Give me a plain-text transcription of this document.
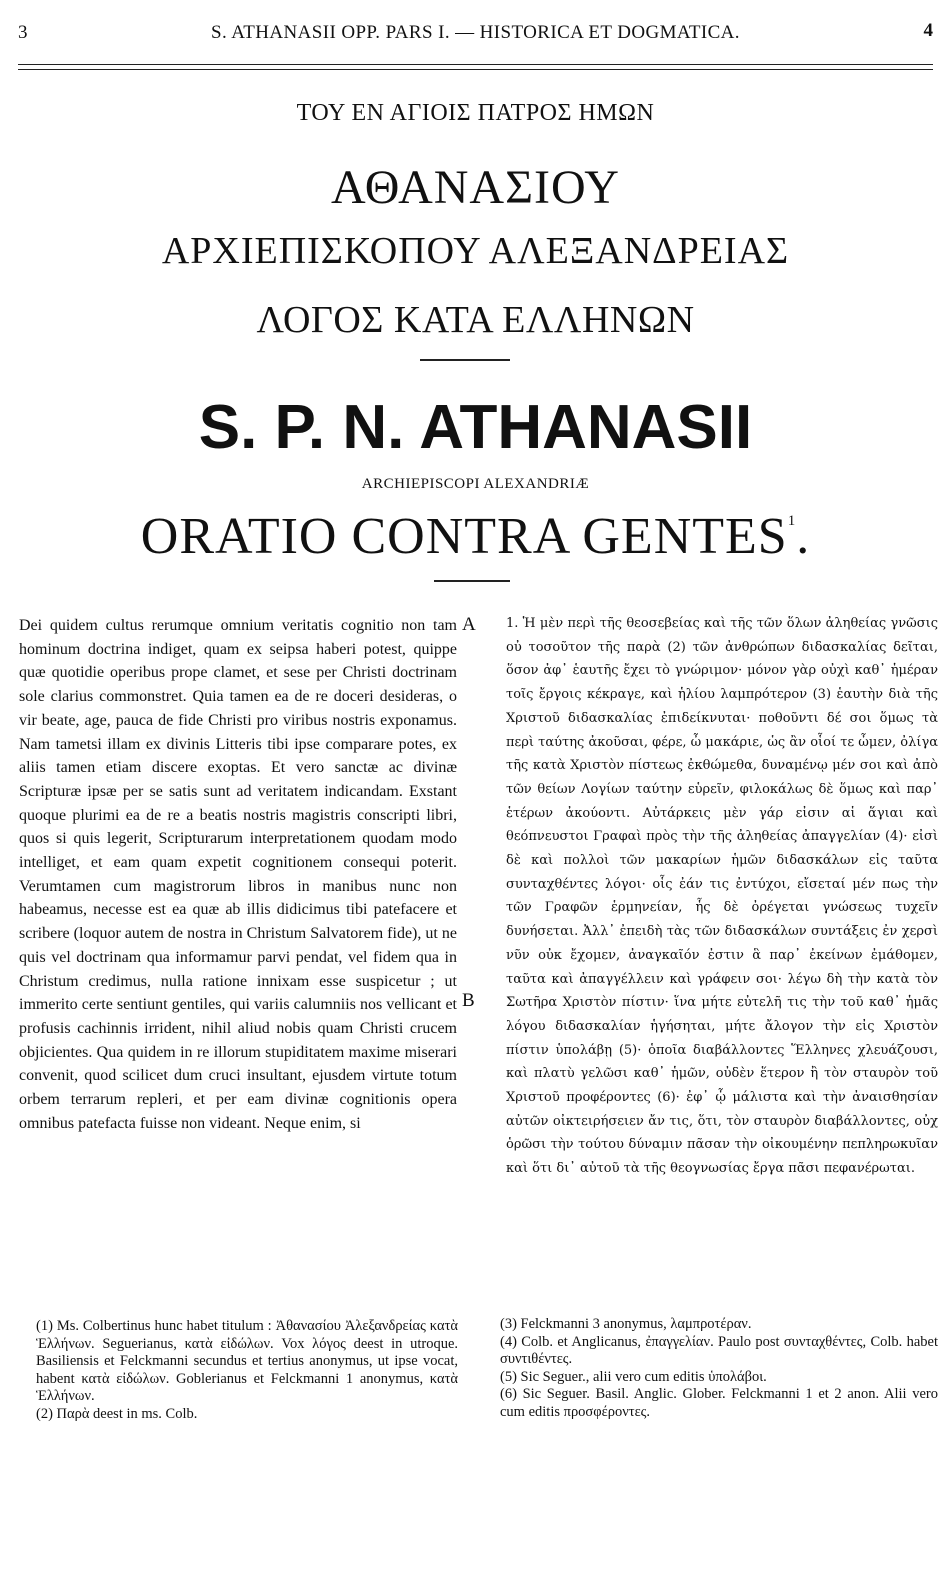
3	S. ATHANASII OPP. PARS I. — HISTORICA ET DOGMATICA.	4
ΤΟΥ ΕΝ ΑΓΙΟΙΣ ΠΑΤΡΟΣ ΗΜΩΝ
ΑΘΑΝΑΣΙΟΥ
ΑΡΧΙΕΠΙΣΚΟΠΟΥ ΑΛΕΞΑΝΔΡΕΙΑΣ
ΛΟΓΟΣ ΚΑΤΑ ΕΛΛΗΝΩΝ
S. P. N. ATHANASII
ARCHIEPISCOPI ALEXANDRIÆ
ORATIO CONTRA GENTES$^1$.

Dei quidem cultus rerumque omnium veritatis cognitio non tam hominum doctrina indiget, quam ex seipsa haberi potest, quippe quæ quotidie operibus prope clamet, et sese per Christi doctrinam sole clarius commonstret. Quia tamen ea de re doceri desideras, o vir beate, age, pauca de fide Christi pro viribus nostris exponamus. Nam tametsi illam ex divinis Litteris tibi ipse comparare potes, ex aliis tamen etiam discere exoptas. Et vero sanctæ ac divinæ Scripturæ ipsæ per se satis sunt ad veritatem indicandam. Exstant quoque plurimi ea de re a beatis nostris magistris conscripti libri, quos si quis legerit, Scripturarum interpretationem quodam modo intelliget, et eam quam expetit cognitionem consequi poterit. Verumtamen cum magistrorum libros in manibus nunc non habeamus, necesse est ea quæ ab illis didicimus tibi patefacere et scribere (loquor autem de nostra in Christum Salvatorem fide), ut ne quis vel doctrinam qua informamur parvi pendat, vel fidem qua in Christum credimus, nulla ratione innixam esse suspicetur ; ut immerito certe sentiunt gentiles, qui variis calumniis nos vellicant et profusis cachinnis irrident, nihil aliud nobis quam Christi crucem objicientes. Qua quidem in re illorum stupiditatem maxime miserari convenit, quod scilicet dum cruci insultant, ejusdem virtute totum orbem terrarum repleri, et per eam divinæ cognitionis opera omnibus patefacta fuisse non videant. Neque enim, si

A
B

1. Ἡ μὲν περὶ τῆς θεοσεβείας καὶ τῆς τῶν ὅλων ἀληθείας γνῶσις οὐ τοσοῦτον τῆς παρὰ (2) τῶν ἀνθρώπων διδασκαλίας δεῖται, ὅσον ἀφ᾽ ἑαυτῆς ἔχει τὸ γνώριμον· μόνον γὰρ οὐχὶ καθ᾽ ἡμέραν τοῖς ἔργοις κέκραγε, καὶ ἡλίου λαμπρότερον (3) ἑαυτὴν διὰ τῆς Χριστοῦ διδασκαλίας ἐπιδείκνυται· ποθοῦντι δέ σοι ὅμως τὰ περὶ ταύτης ἀκοῦσαι, φέρε, ὦ μακάριε, ὡς ἂν οἷοί τε ὦμεν, ὀλίγα τῆς κατὰ Χριστὸν πίστεως ἐκθώμεθα, δυναμένῳ μέν σοι καὶ ἀπὸ τῶν θείων Λογίων ταύτην εὑρεῖν, φιλοκάλως δὲ ὅμως καὶ παρ᾽ ἑτέρων ἀκούοντι. Αὐτάρκεις μὲν γάρ εἰσιν αἱ ἅγιαι καὶ θεόπνευστοι Γραφαὶ πρὸς τὴν τῆς ἀληθείας ἀπαγγελίαν (4)· εἰσὶ δὲ καὶ πολλοὶ τῶν μακαρίων ἡμῶν διδασκάλων εἰς ταῦτα συνταχθέντες λόγοι· οἷς ἐάν τις ἐντύχοι, εἴσεταί μέν πως τὴν τῶν Γραφῶν ἑρμηνείαν, ἧς δὲ ὀρέγεται γνώσεως τυχεῖν δυνήσεται. Ἀλλ᾽ ἐπειδὴ τὰς τῶν διδασκάλων συντάξεις ἐν χερσὶ νῦν οὐκ ἔχομεν, ἀναγκαῖόν ἐστιν ἃ παρ᾽ ἐκείνων ἐμάθομεν, ταῦτα καὶ ἀπαγγέλλειν καὶ γράφειν σοι· λέγω δὴ τὴν κατὰ τὸν Σωτῆρα Χριστὸν πίστιν· ἵνα μήτε εὐτελῆ τις τὴν τοῦ καθ᾽ ἡμᾶς λόγου διδασκαλίαν ἡγήσηται, μήτε ἄλογον τὴν εἰς Χριστὸν πίστιν ὑπολάβῃ (5)· ὁποῖα διαβάλλοντες Ἕλληνες χλευάζουσι, καὶ πλατὺ γελῶσι καθ᾽ ἡμῶν, οὐδὲν ἕτερον ἢ τὸν σταυρὸν τοῦ Χριστοῦ προφέροντες (6)· ἐφ᾽ ᾧ μάλιστα καὶ τὴν ἀναισθησίαν αὐτῶν οἰκτειρήσειεν ἄν τις, ὅτι, τὸν σταυρὸν διαβάλλοντες, οὐχ ὁρῶσι τὴν τούτου δύναμιν πᾶσαν τὴν οἰκουμένην πεπληρωκυῖαν καὶ ὅτι δι᾽ αὐτοῦ τὰ τῆς θεογνωσίας ἔργα πᾶσι πεφανέρωται.

(1) Ms. Colbertinus hunc habet titulum : Ἀθανασίου Ἀλεξανδρείας κατὰ Ἑλλήνων. Seguerianus, κατὰ εἰδώλων. Vox λόγος deest in utroque. Basiliensis et Felckmanni secundus et tertius anonymus, ut ipse vocat, habent κατὰ εἰδώλων. Goblerianus et Felckmanni 1 anonymus, κατὰ Ἑλλήνων.

(2) Παρὰ deest in ms. Colb.

(3) Felckmanni 3 anonymus, λαμπροτέραν.

(4) Colb. et Anglicanus, ἐπαγγελίαν. Paulo post συνταχθέντες, Colb. habet συντιθέντες.

(5) Sic Seguer., alii vero cum editis ὑπολάβοι.

(6) Sic Seguer. Basil. Anglic. Glober. Felckmanni 1 et 2 anon. Alii vero cum editis προσφέροντες.
